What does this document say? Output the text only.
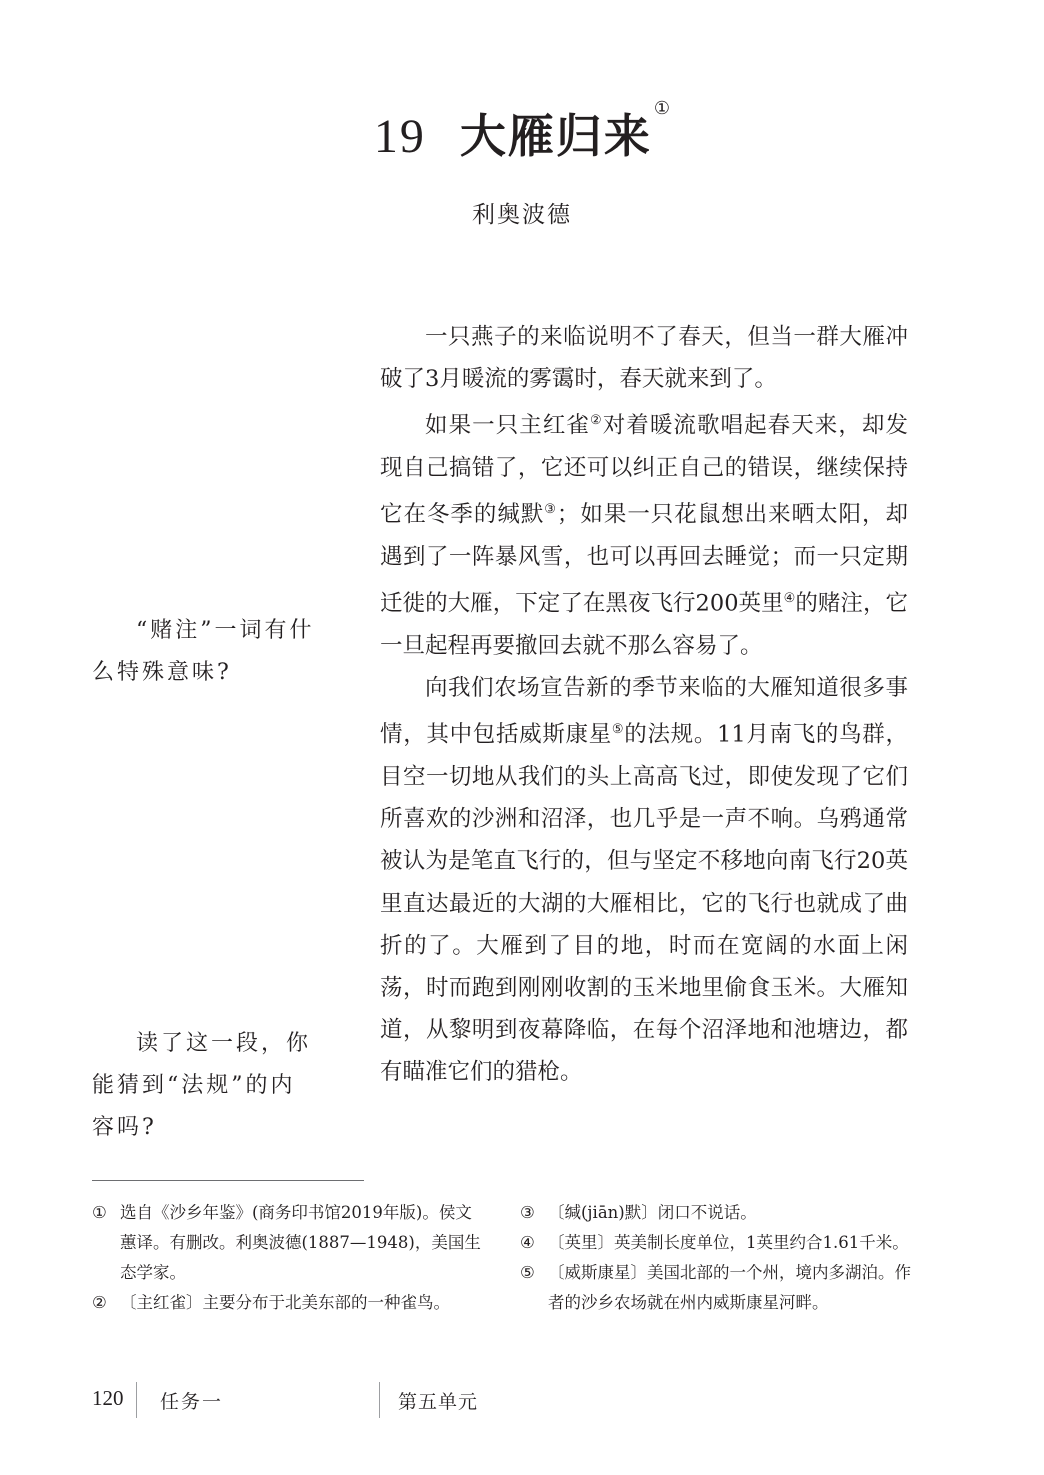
19 大雁归来①
利奥波德

一只燕子的来临说明不了春天，但当一群大雁冲破了3月暖流的雾霭时，春天就来到了。

如果一只主红雀②对着暖流歌唱起春天来，却发现自己搞错了，它还可以纠正自己的错误，继续保持它在冬季的缄默③；如果一只花鼠想出来晒太阳，却遇到了一阵暴风雪，也可以再回去睡觉；而一只定期迁徙的大雁，下定了在黑夜飞行200英里④的赌注，它一旦起程再要撤回去就不那么容易了。

向我们农场宣告新的季节来临的大雁知道很多事情，其中包括威斯康星⑤的法规。11月南飞的鸟群，目空一切地从我们的头上高高飞过，即使发现了它们所喜欢的沙洲和沼泽，也几乎是一声不响。乌鸦通常被认为是笔直飞行的，但与坚定不移地向南飞行20英里直达最近的大湖的大雁相比，它的飞行也就成了曲折的了。大雁到了目的地，时而在宽阔的水面上闲荡，时而跑到刚刚收割的玉米地里偷食玉米。大雁知道，从黎明到夜幕降临，在每个沼泽地和池塘边，都有瞄准它们的猎枪。

“赌注”一词有什么特殊意味?

读了这一段，你能猜到“法规”的内容吗?

① 选自《沙乡年鉴》(商务印书馆2019年版)。侯文蕙译。有删改。利奥波德(1887—1948)，美国生态学家。

② 〔主红雀〕主要分布于北美东部的一种雀鸟。

③ 〔缄(jiān)默〕闭口不说话。

④ 〔英里〕英美制长度单位，1英里约合1.61千米。

⑤ 〔威斯康星〕美国北部的一个州，境内多湖泊。作者的沙乡农场就在州内威斯康星河畔。

120 任务一	第五单元
